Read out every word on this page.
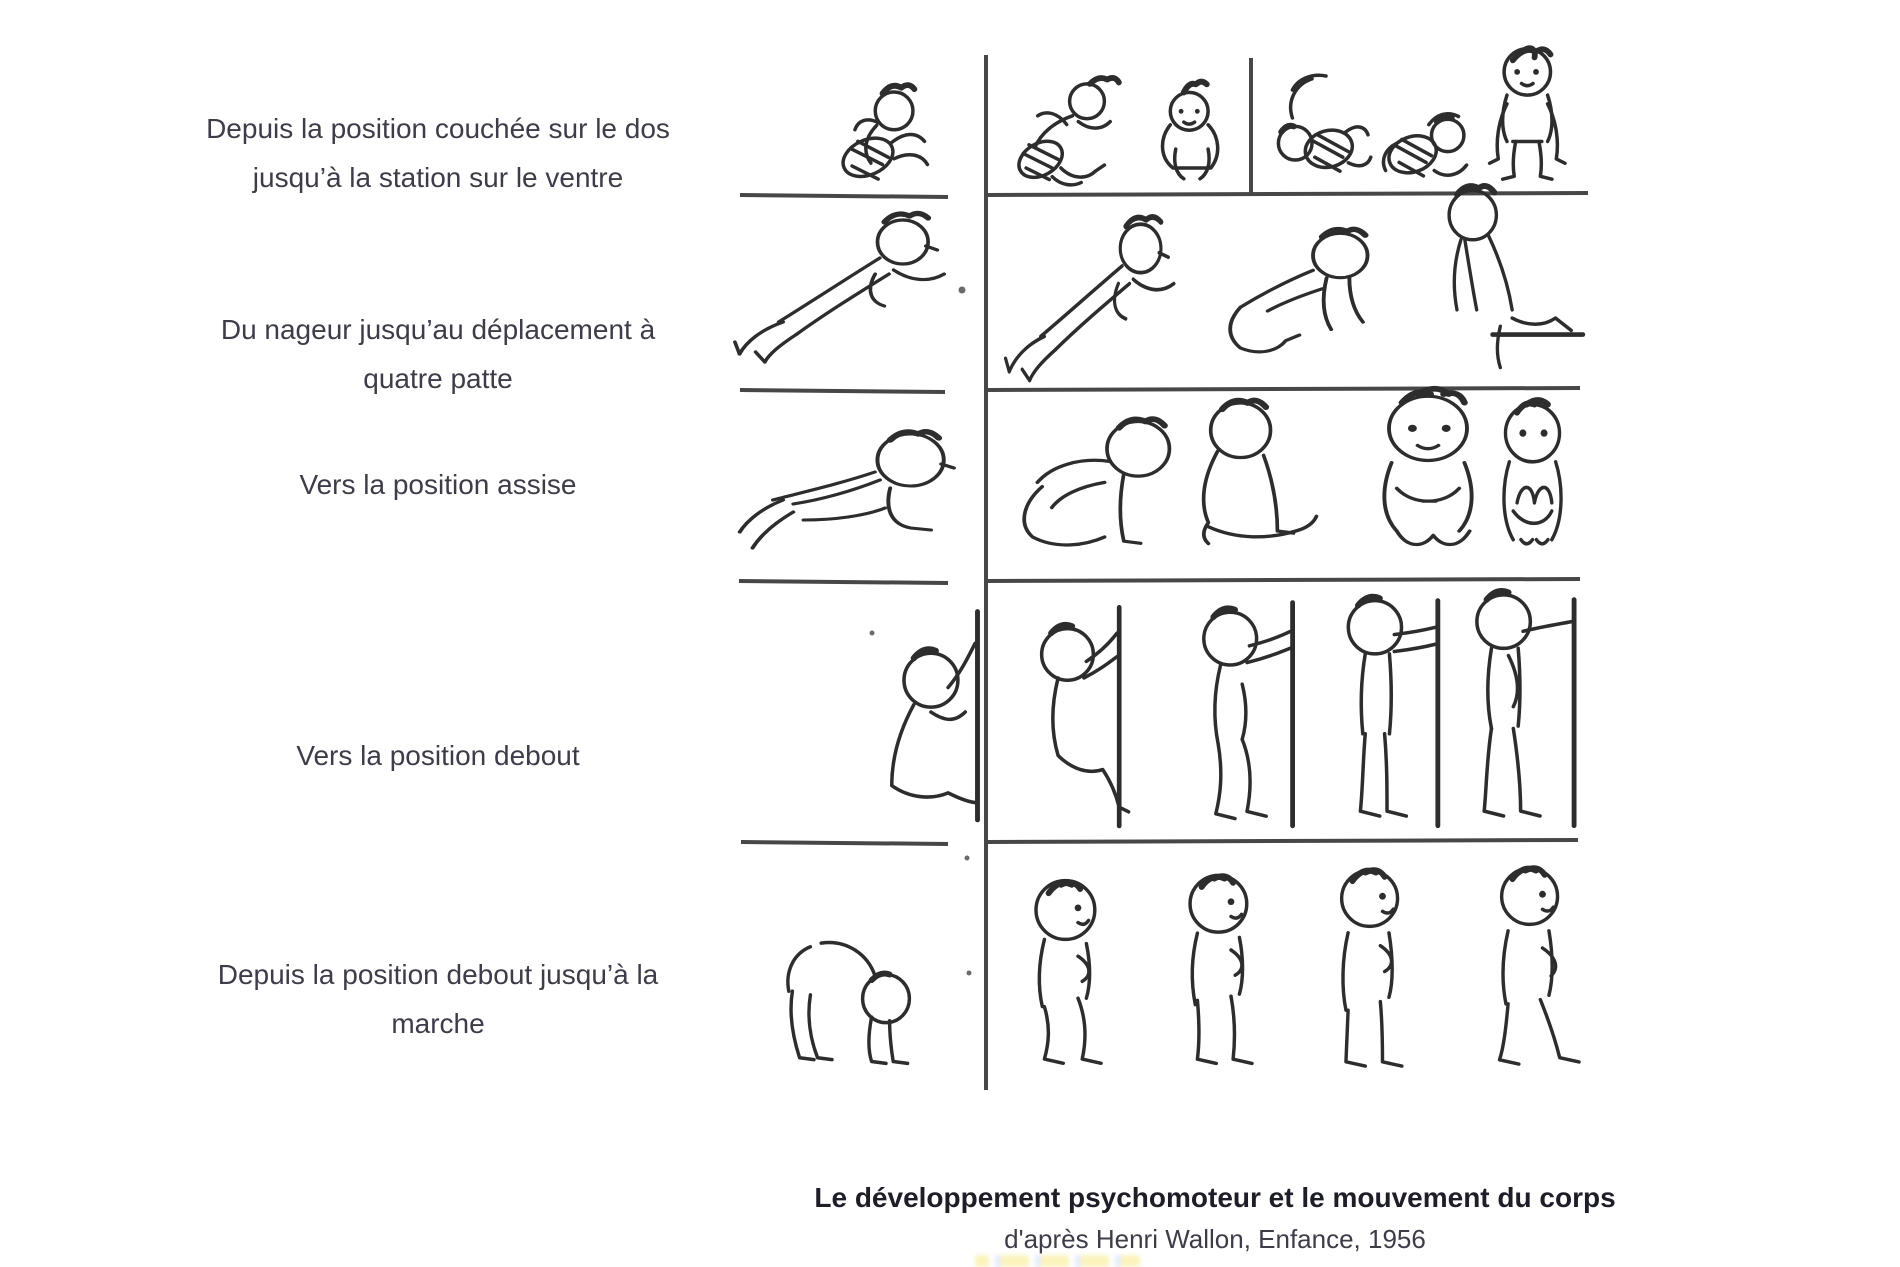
Depuis la position couchée sur le dos
jusqu’à la station sur le ventre
Du nageur jusqu’au déplacement à
quatre patte
Vers la position assise
Vers la position debout
Depuis la position debout jusqu’à la
marche
Le développement psychomoteur et le mouvement du corps
d'après Henri Wallon, Enfance, 1956
